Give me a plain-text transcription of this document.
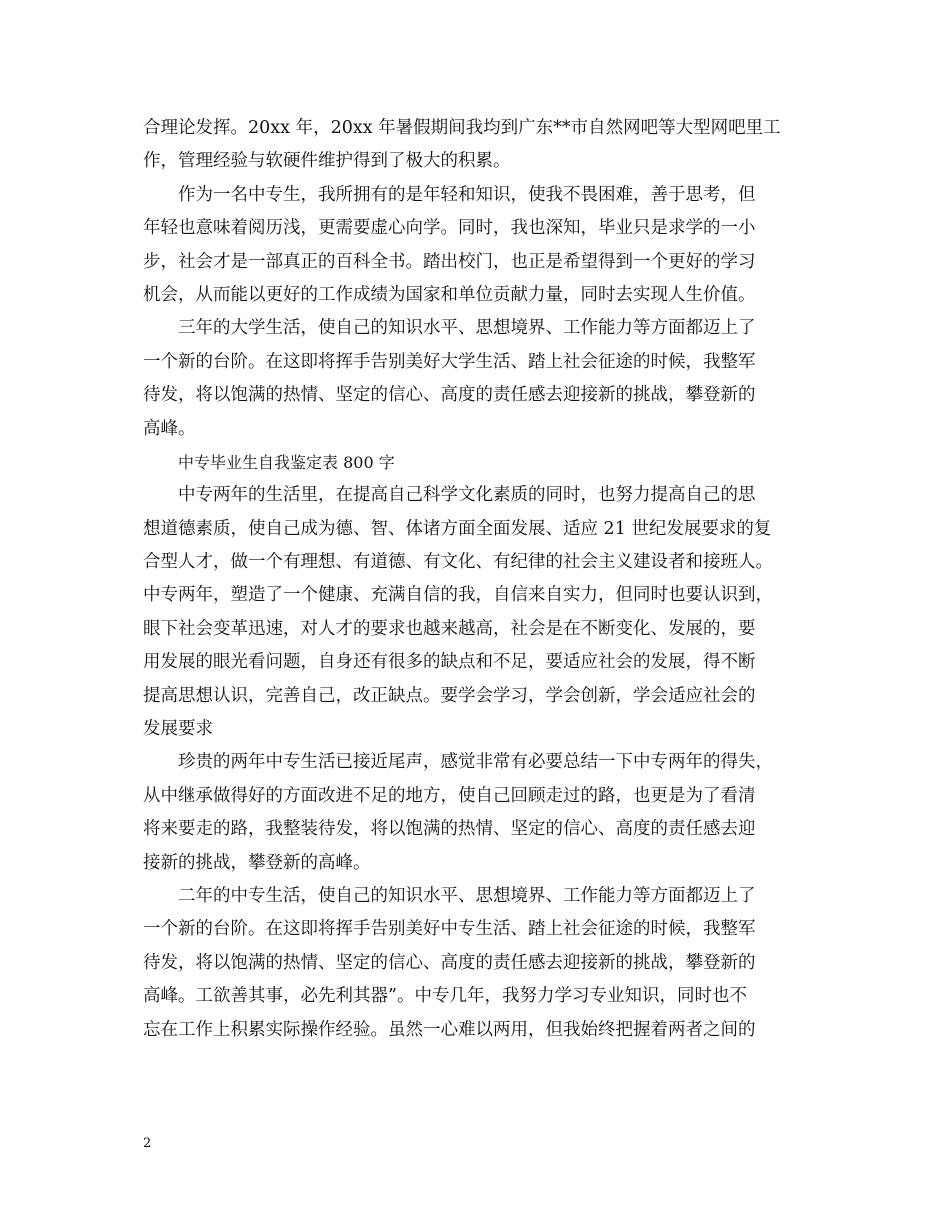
合理论发挥。20xx 年，20xx 年暑假期间我均到广东**市自然网吧等大型网吧里工
作，管理经验与软硬件维护得到了极大的积累。
作为一名中专生，我所拥有的是年轻和知识，使我不畏困难，善于思考，但
年轻也意味着阅历浅，更需要虚心向学。同时，我也深知，毕业只是求学的一小
步，社会才是一部真正的百科全书。踏出校门，也正是希望得到一个更好的学习
机会，从而能以更好的工作成绩为国家和单位贡献力量，同时去实现人生价值。
三年的大学生活，使自己的知识水平、思想境界、工作能力等方面都迈上了
一个新的台阶。在这即将挥手告别美好大学生活、踏上社会征途的时候，我整军
待发，将以饱满的热情、坚定的信心、高度的责任感去迎接新的挑战，攀登新的
高峰。
中专毕业生自我鉴定表 800 字
中专两年的生活里，在提高自己科学文化素质的同时，也努力提高自己的思
想道德素质，使自己成为德、智、体诸方面全面发展、适应 21 世纪发展要求的复
合型人才，做一个有理想、有道德、有文化、有纪律的社会主义建设者和接班人。
中专两年，塑造了一个健康、充满自信的我，自信来自实力，但同时也要认识到，
眼下社会变革迅速，对人才的要求也越来越高，社会是在不断变化、发展的，要
用发展的眼光看问题，自身还有很多的缺点和不足，要适应社会的发展，得不断
提高思想认识，完善自己，改正缺点。要学会学习，学会创新，学会适应社会的
发展要求
珍贵的两年中专生活已接近尾声，感觉非常有必要总结一下中专两年的得失，
从中继承做得好的方面改进不足的地方，使自己回顾走过的路，也更是为了看清
将来要走的路，我整装待发，将以饱满的热情、坚定的信心、高度的责任感去迎
接新的挑战，攀登新的高峰。
二年的中专生活，使自己的知识水平、思想境界、工作能力等方面都迈上了
一个新的台阶。在这即将挥手告别美好中专生活、踏上社会征途的时候，我整军
待发，将以饱满的热情、坚定的信心、高度的责任感去迎接新的挑战，攀登新的
高峰。工欲善其事，必先利其器”。中专几年，我努力学习专业知识，同时也不
忘在工作上积累实际操作经验。虽然一心难以两用，但我始终把握着两者之间的
2
